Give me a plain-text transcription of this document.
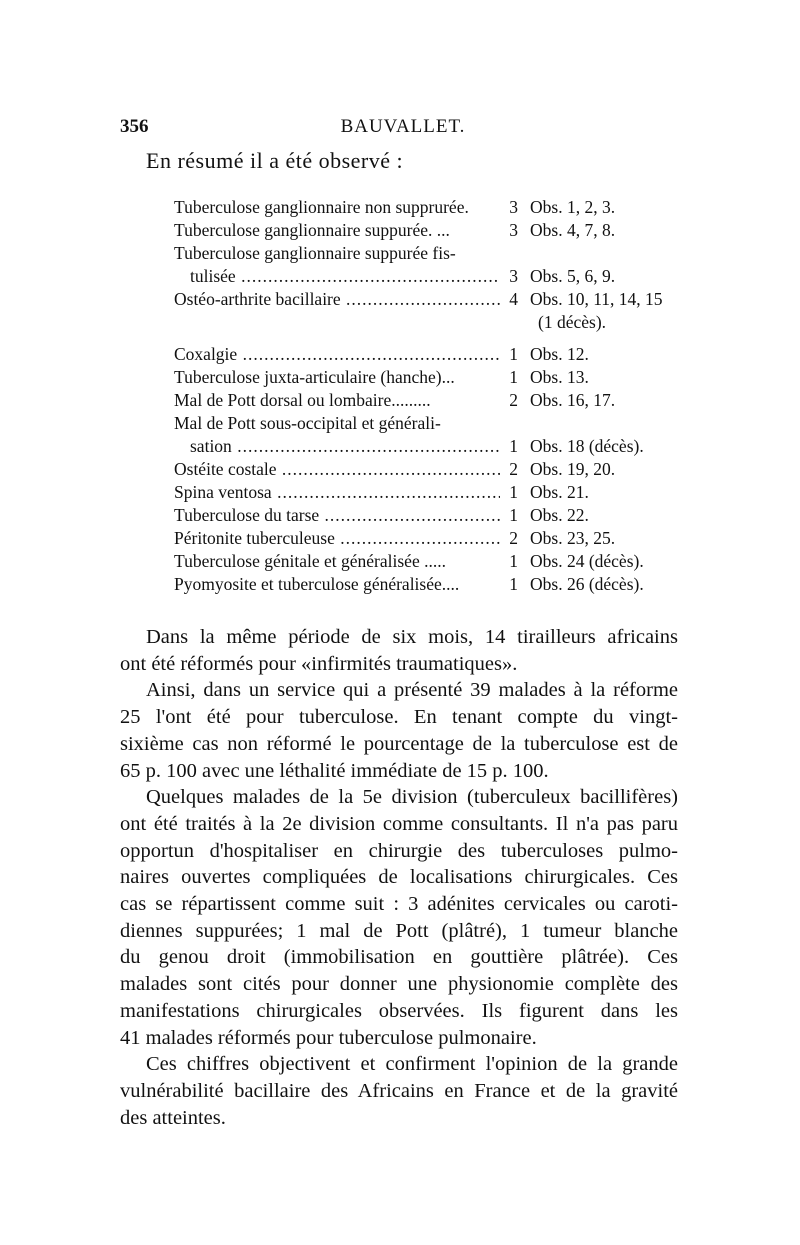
356	BAUVALLET.
En résumé il a été observé :
Tuberculose ganglionnaire non supprurée.	3 Obs. 1, 2, 3.
Tuberculose ganglionnaire suppurée. ...	3 Obs. 4, 7, 8.
Tuberculose ganglionnaire suppurée fis-
tulisée .....	3 Obs. 5, 6, 9.
Ostéo-arthrite bacillaire .....	4 Obs. 10, 11, 14, 15
(1 décès).
Coxalgie .....	1 Obs. 12.
Tuberculose juxta-articulaire (hanche)...	1 Obs. 13.
Mal de Pott dorsal ou lombaire.........	2 Obs. 16, 17.
Mal de Pott sous-occipital et générali-
sation .....	1 Obs. 18 (décès).
Ostéite costale .....	2 Obs. 19, 20.
Spina ventosa .....	1 Obs. 21.
Tuberculose du tarse .....	1 Obs. 22.
Péritonite tuberculeuse .....	2 Obs. 23, 25.
Tuberculose génitale et généralisée .....	1 Obs. 24 (décès).
Pyomyosite et tuberculose généralisée....	1 Obs. 26 (décès).
Dans la même période de six mois, 14 tirailleurs africains
ont été réformés pour «infirmités traumatiques».
Ainsi, dans un service qui a présenté 39 malades à la réforme
25 l'ont été pour tuberculose. En tenant compte du vingt-
sixième cas non réformé le pourcentage de la tuberculose est de
65 p. 100 avec une léthalité immédiate de 15 p. 100.
Quelques malades de la 5e division (tuberculeux bacillifères)
ont été traités à la 2e division comme consultants. Il n'a pas paru
opportun d'hospitaliser en chirurgie des tuberculoses pulmo-
naires ouvertes compliquées de localisations chirurgicales. Ces
cas se répartissent comme suit : 3 adénites cervicales ou caroti-
diennes suppurées; 1 mal de Pott (plâtré), 1 tumeur blanche
du genou droit (immobilisation en gouttière plâtrée). Ces
malades sont cités pour donner une physionomie complète des
manifestations chirurgicales observées. Ils figurent dans les
41 malades réformés pour tuberculose pulmonaire.
Ces chiffres objectivent et confirment l'opinion de la grande
vulnérabilité bacillaire des Africains en France et de la gravité
des atteintes.
